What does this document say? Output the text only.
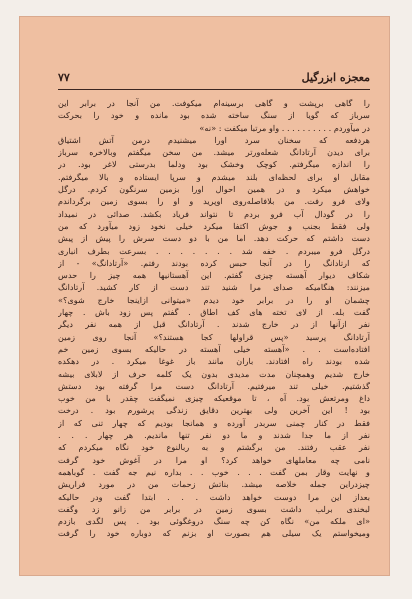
معجزه ابزرگیل
۷۷
را گاهی برپشت و گاهی برسینه‌ام میکوفت. من آنجا در برابر این
سرباز که گویا از سنگ ساخته شده بود مانده و خود را بحرکت
در میآوردم . . . . . . . . . . واو مرتبا میکفت : «نه»
هردفعه که سخنان سرد اورا میشنیدم درمن آتش اشتیاق
برای دیدن آرتادانگ شعله‌ورتر میشد. من سخن میگفتم وبالاخره سرباز
را اندازه میگرفتم. کوچک وخشک بود ودلما بدرستی لاغر بود. در
مقابل او برای لحظه‌ای بلند میشدم و سرپا ایستاده و بالا میگرفتم.
خواهش میکرد و در همین احوال اورا بزمین سرنگون کردم. درگل
ولای فرو رفت. من بلافاصله‌روی اوپرید و او را بسوی زمین برگرداندم
را در گودال آب فرو بردم تا نتواند فریاد بکشد. صدائی در نمیداد
ولی فقط بجنب و جوش اکتفا میکرد خیلی نخود زود میآورد که من
دست داشتم که حرکت دهد. اما من با دو دست سرش را پیش از پیش
درگل فرو میبردم . خفه شد . . . . . . . بسرعت بطرف انباری
که ارتادانگ را در آنجا حبس کرده بودند رفتم. «آرتادانگ» - از
شکاف دیوار آهسته چیزی گفتم. این آهستانیها همه چیز را حدس
میزنند: هنگامیکه صدای مرا شنید تند دست از کار کشید. آرتادانگ
چشمان او را در برابر خود دیدم «میتوانی ازاینجا خارج شوی؟»
گفت بله. از لای تخته های کف اطاق . گفتم پس زود باش . چهار
نفر ازآنها از در خارج شدند . آرتادانگ قبل از همه نفر دیگر
آرتادانگ پرسید «پس قراولها کجا هستند؟» آنجا روی زمین
افتاده‌است . . «آهسته خیلی آهسته در حالیکه بسوی زمین خم
شده بودند راه افتادند. باران مانند باز غوغا میکرد . در دهکده
خارج شدیم وهمچنان مدت مدیدی بدون یک کلمه حرف از لابلای بیشه
گذشتیم. خیلی تند میرفتیم. آرتادانگ دست مرا گرفته بود دستش
داغ ومرتعش بود. آه ، تا موقعیکه چیزی نمیگفت چقدر با من خوب
بود ! این آخرین ولی بهترین دقایق زندگی پرشورم بود . درخت
فقط در کنار چمنی سربدر آورده و همانجا بودیم که چهار تنی که از
نفر از ما جدا شدند و ما دو نفر تنها ماندیم. هر چهار . . .
نفر عقب رفتند. من برگشتم و به ربالنوع خود نگاه میکردم که
نامی چه معاملهای خواهد کرد؟ او مرا در آغوش خود گرفت
و نهایت وقار بمن گفت . . . خوب . . بداره نیم جه گفت . گوباهمه
چیزدراین جمله خلاصه میشد. بناتش زحمات من در مورد فراریش
بعداز این مرا دوست خواهد داشت . . . ابتدا گفت ودر حالیکه
لبخندی برلب داشت بسوی زمین در برابر من زانو زد وگفت
«ای ملکه من» نگاه کن چه سنگ دروغگوئی بود . پس لگدی بازدم
ومیخواستم یک سیلی هم بصورت او بزنم که دوباره خود را گرفت
